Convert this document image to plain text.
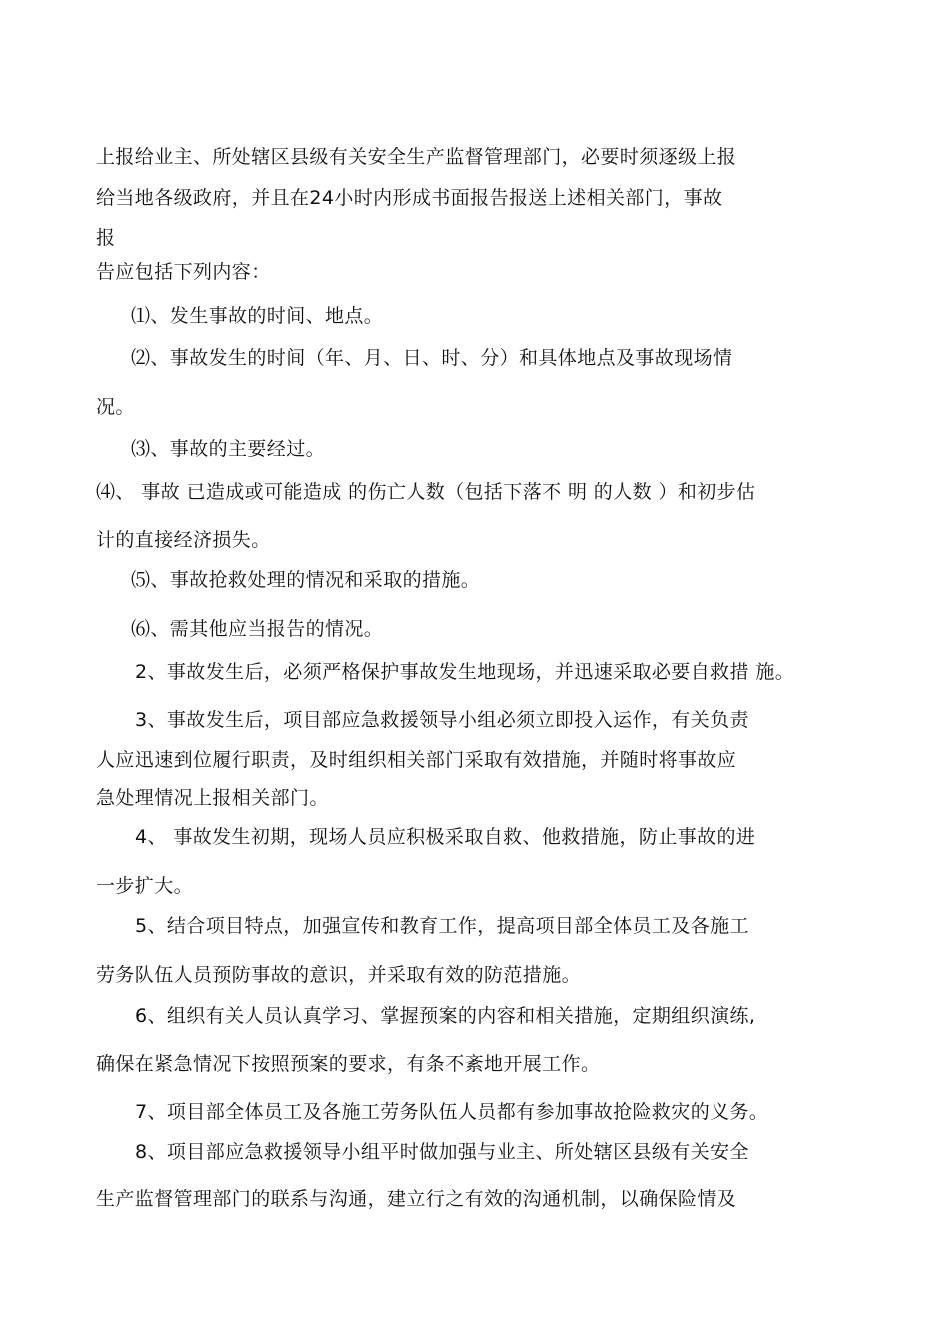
上报给业主、所处辖区县级有关安全生产监督管理部门，必要时须逐级上报
给当地各级政府，并且在24小时内形成书面报告报送上述相关部门，事故
报
告应包括下列内容：
⑴、发生事故的时间、地点。
⑵、事故发生的时间（年、月、日、时、分）和具体地点及事故现场情
况。
⑶、事故的主要经过。
⑷、 事故 已造成或可能造成 的伤亡人数（包括下落不 明 的人数 ）和初步估
计的直接经济损失。
⑸、事故抢救处理的情况和采取的措施。
⑹、需其他应当报告的情况。
2、事故发生后，必须严格保护事故发生地现场，并迅速采取必要自救措 施。
3、事故发生后，项目部应急救援领导小组必须立即投入运作，有关负责
人应迅速到位履行职责，及时组织相关部门采取有效措施，并随时将事故应
急处理情况上报相关部门。
4、 事故发生初期，现场人员应积极采取自救、他救措施，防止事故的进
一步扩大。
5、结合项目特点，加强宣传和教育工作，提高项目部全体员工及各施工
劳务队伍人员预防事故的意识，并采取有效的防范措施。
6、组织有关人员认真学习、掌握预案的内容和相关措施，定期组织演练,
确保在紧急情况下按照预案的要求，有条不紊地开展工作。
7、项目部全体员工及各施工劳务队伍人员都有参加事故抢险救灾的义务。
8、项目部应急救援领导小组平时做加强与业主、所处辖区县级有关安全
生产监督管理部门的联系与沟通，建立行之有效的沟通机制，以确保险情及
